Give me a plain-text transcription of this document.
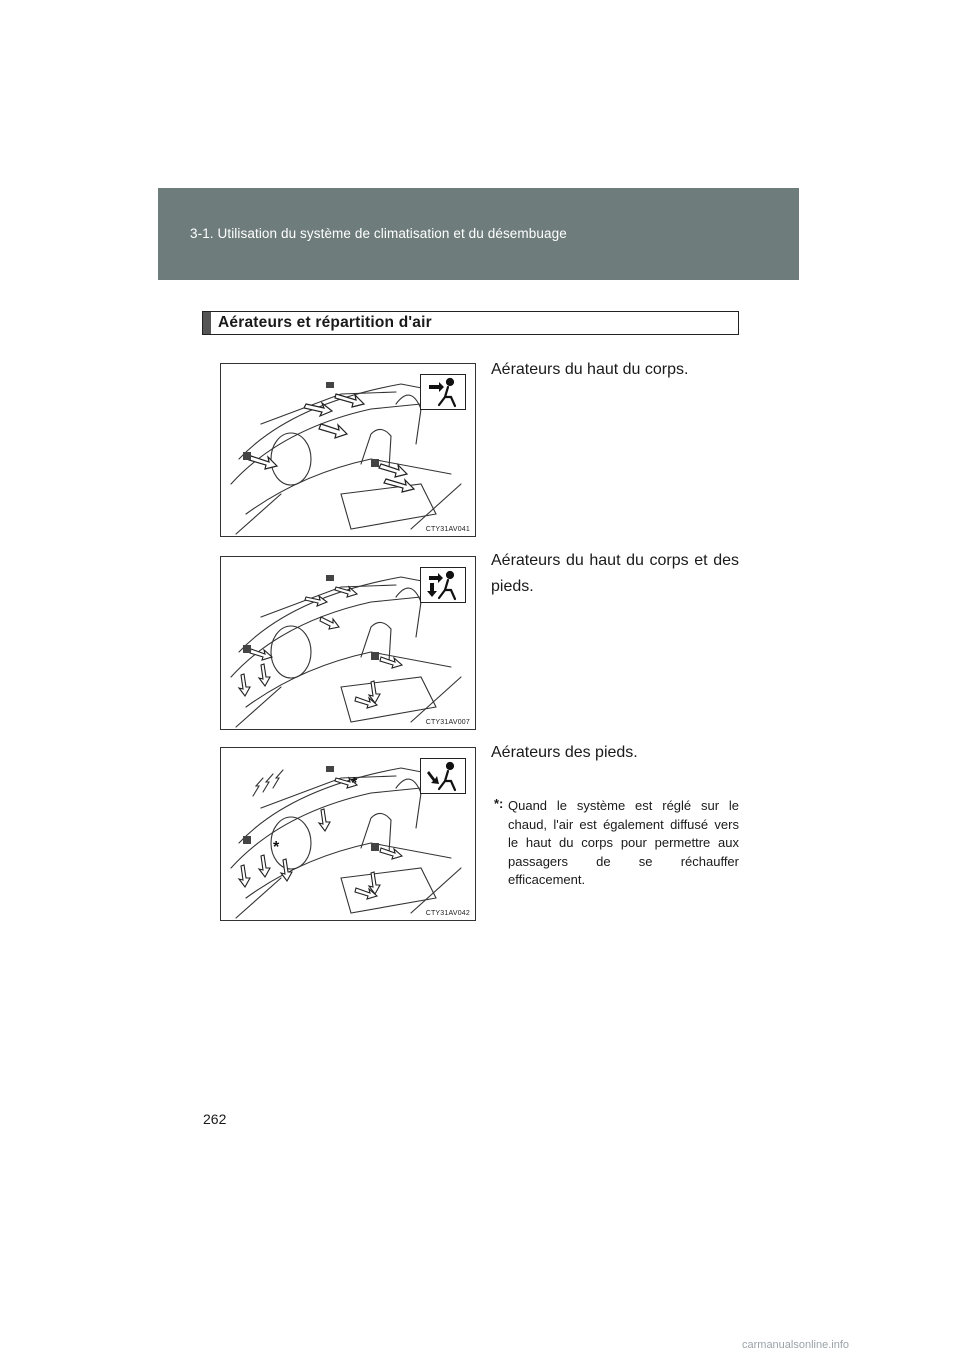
3-1. Utilisation du système de climatisation et du désembuage
Aérateurs et répartition d'air
CTY31AV041
Aérateurs du haut du corps.
CTY31AV007
Aérateurs du haut du corps et des pieds.
*
*
CTY31AV042
Aérateurs des pieds.
*: Quand le système est réglé sur le chaud, l'air est également diffusé vers le haut du corps pour permettre aux passagers de se réchauffer efficacement.
262
carmanualsonline.info
